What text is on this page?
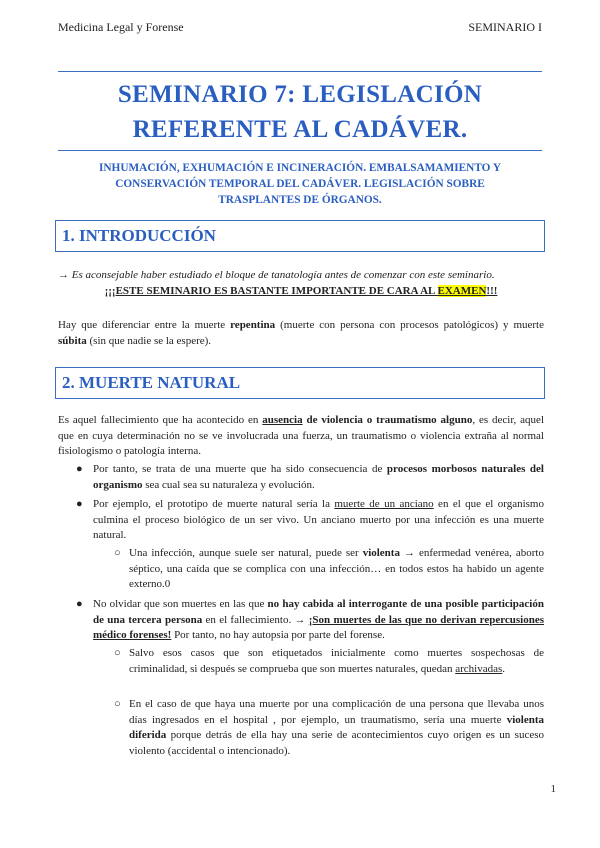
Medicina Legal y Forense	SEMINARIO I
SEMINARIO 7: LEGISLACIÓN
REFERENTE AL CADÁVER.
INHUMACIÓN, EXHUMACIÓN E INCINERACIÓN. EMBALSAMAMIENTO Y
CONSERVACIÓN TEMPORAL DEL CADÁVER. LEGISLACIÓN SOBRE
TRASPLANTES DE ÓRGANOS.
1. INTRODUCCIÓN
→ Es aconsejable haber estudiado el bloque de tanatología antes de comenzar con este seminario.
¡¡¡ESTE SEMINARIO ES BASTANTE IMPORTANTE DE CARA AL EXAMEN!!!
Hay que diferenciar entre la muerte repentina (muerte con persona con procesos patológicos) y muerte súbita (sin que nadie se la espere).
2. MUERTE NATURAL
Es aquel fallecimiento que ha acontecido en ausencia de violencia o traumatismo alguno, es decir, aquel que en cuya determinación no se ve involucrada una fuerza, un traumatismo o violencia extraña al normal fisiologismo o patología interna.
● Por tanto, se trata de una muerte que ha sido consecuencia de procesos morbosos naturales del organismo sea cual sea su naturaleza y evolución.
● Por ejemplo, el prototipo de muerte natural sería la muerte de un anciano en el que el organismo culmina el proceso biológico de un ser vivo. Un anciano muerto por una infección es una muerte natural.
○ Una infección, aunque suele ser natural, puede ser violenta → enfermedad venérea, aborto séptico, una caída que se complica con una infección… en todos estos ha habido un agente externo.0
● No olvidar que son muertes en las que no hay cabida al interrogante de una posible participación de una tercera persona en el fallecimiento. → ¡Son muertes de las que no derivan repercusiones médico forenses! Por tanto, no hay autopsia por parte del forense.
○ Salvo esos casos que son etiquetados inicialmente como muertes sospechosas de criminalidad, si después se comprueba que son muertes naturales, quedan archivadas.
○ En el caso de que haya una muerte por una complicación de una persona que llevaba unos días ingresados en el hospital , por ejemplo, un traumatismo, sería una muerte violenta diferida porque detrás de ella hay una serie de acontecimientos cuyo origen es un suceso violento (accidental o intencionado).
1
